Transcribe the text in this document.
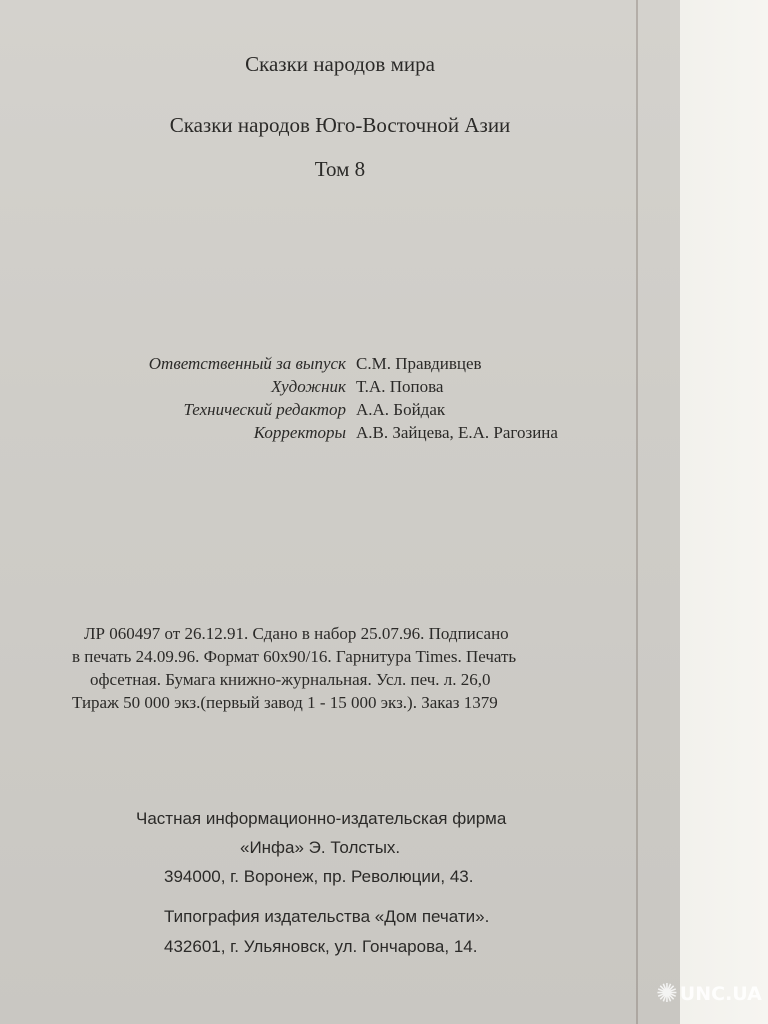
Сказки народов мира
Сказки народов Юго-Восточной Азии
Том 8
Ответственный за выпуск С.М. Правдивцев
Художник Т.А. Попова
Технический редактор А.А. Бойдак
Корректоры А.В. Зайцева, Е.А. Рагозина
ЛР 060497 от 26.12.91. Сдано в набор 25.07.96. Подписано
в печать 24.09.96. Формат 60х90/16. Гарнитура Times. Печать
офсетная. Бумага книжно-журнальная. Усл. печ. л. 26,0
Тираж 50 000 экз.(первый завод 1 - 15 000 экз.). Заказ 1379
Частная информационно-издательская фирма
«Инфа» Э. Толстых.
394000, г. Воронеж, пр. Революции, 43.
Типография издательства «Дом печати».
432601, г. Ульяновск, ул. Гончарова, 14.
✺ UNC.UA
